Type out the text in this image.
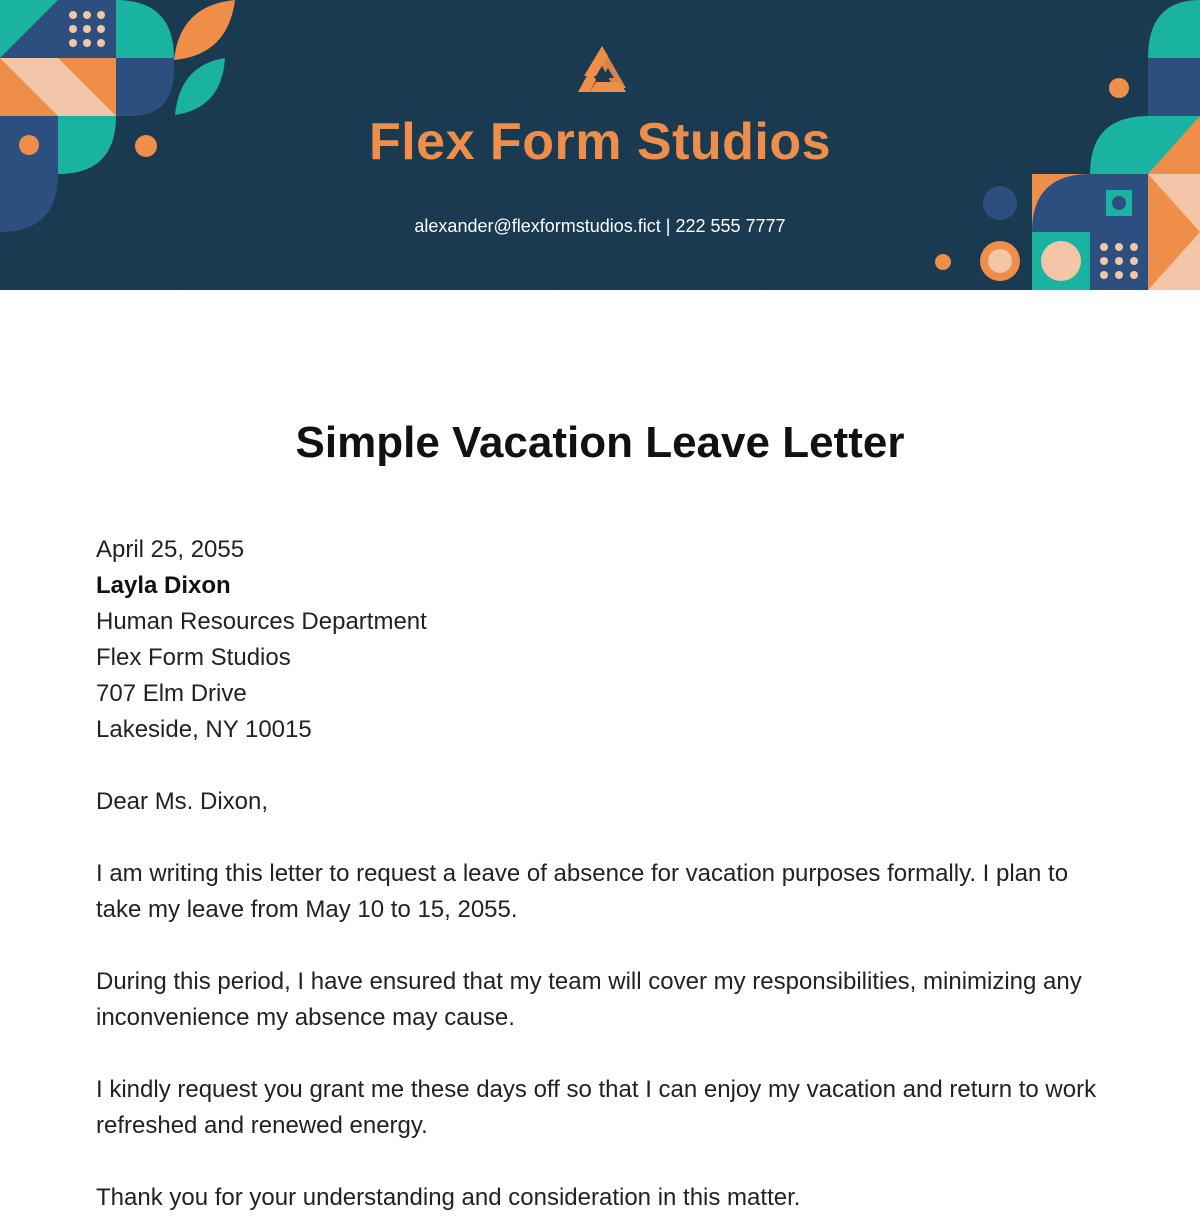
Flex Form Studios
alexander@flexformstudios.fict | 222 555 7777
Simple Vacation Leave Letter

April 25, 2055

Layla Dixon

Human Resources Department

Flex Form Studios

707 Elm Drive

Lakeside, NY 10015

Dear Ms. Dixon,

I am writing this letter to request a leave of absence for vacation purposes formally. I plan to take my leave from May 10 to 15, 2055.

During this period, I have ensured that my team will cover my responsibilities, minimizing any inconvenience my absence may cause.

I kindly request you grant me these days off so that I can enjoy my vacation and return to work refreshed and renewed energy.

Thank you for your understanding and consideration in this matter.
